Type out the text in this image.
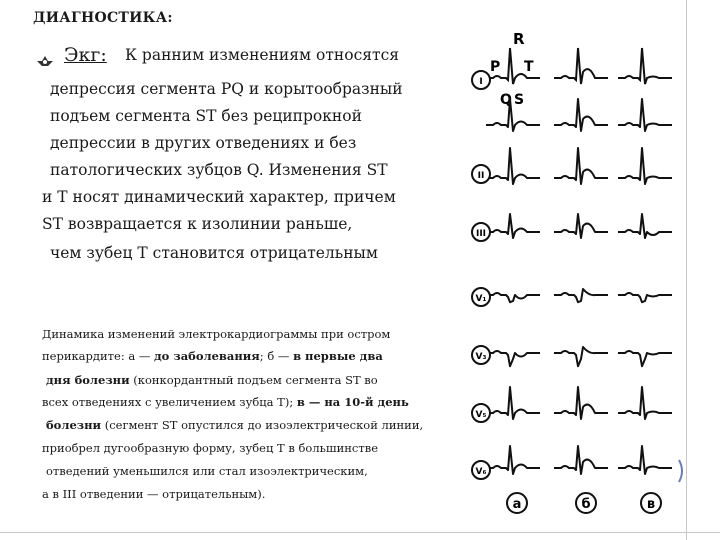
ДИАГНОСТИКА:
Экг: К ранним изменениям относятся
депрессия сегмента PQ и корытообразный
подъем сегмента ST без реципрокной
депрессии в других отведениях и без
патологических зубцов Q. Изменения ST
и T носят динамический характер, причем
ST возвращается к изолинии раньше,
чем зубец T становится отрицательным
Динамика изменений электрокардиограммы при остром
перикардите: а — до заболевания; б — в первые два
дня болезни (конкордантный подъем сегмента ST во
всех отведениях с увеличением зубца T); в — на 10-й день
болезни (сегмент ST опустился до изоэлектрической линии,
приобрел дугообразную форму, зубец T в большинстве
отведений уменьшился или стал изоэлектрическим,
а в III отведении — отрицательным).
R
P T
Q S
I
II
III
V₁
V₃
V₅
V₆
а	б	в
